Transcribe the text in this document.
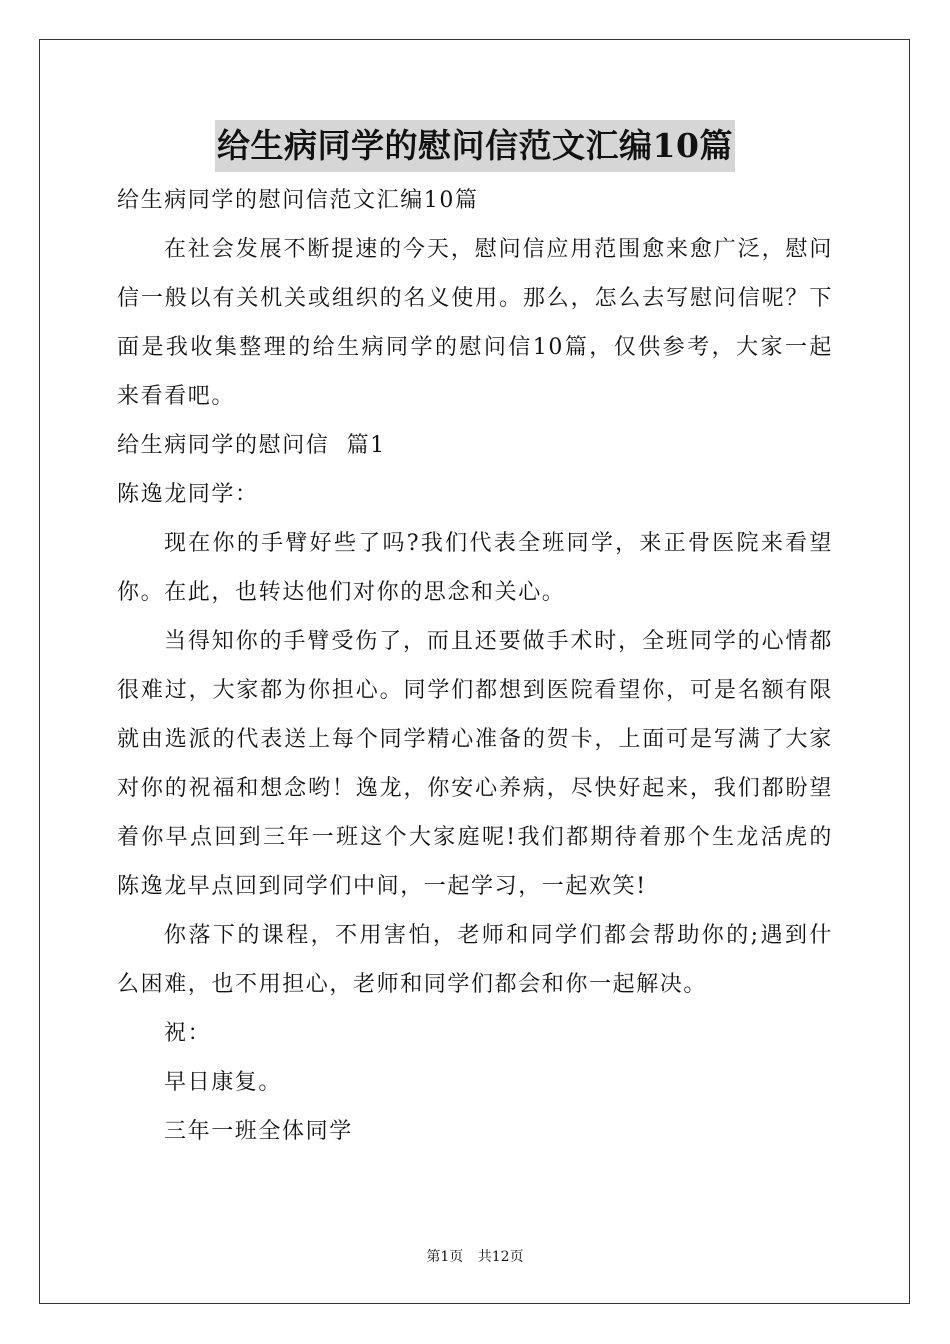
给生病同学的慰问信范文汇编10篇
给生病同学的慰问信范文汇编10篇
在社会发展不断提速的今天，慰问信应用范围愈来愈广泛，慰问
信一般以有关机关或组织的名义使用。那么，怎么去写慰问信呢？下
面是我收集整理的给生病同学的慰问信10篇，仅供参考，大家一起
来看看吧。
给生病同学的慰问信  篇1
陈逸龙同学：
现在你的手臂好些了吗?我们代表全班同学，来正骨医院来看望
你。在此，也转达他们对你的思念和关心。
当得知你的手臂受伤了，而且还要做手术时，全班同学的心情都
很难过，大家都为你担心。同学们都想到医院看望你，可是名额有限
就由选派的代表送上每个同学精心准备的贺卡，上面可是写满了大家
对你的祝福和想念哟！逸龙，你安心养病，尽快好起来，我们都盼望
着你早点回到三年一班这个大家庭呢!我们都期待着那个生龙活虎的
陈逸龙早点回到同学们中间，一起学习，一起欢笑!
你落下的课程，不用害怕，老师和同学们都会帮助你的;遇到什
么困难，也不用担心，老师和同学们都会和你一起解决。
祝：
早日康复。
三年一班全体同学
第1页 共12页
